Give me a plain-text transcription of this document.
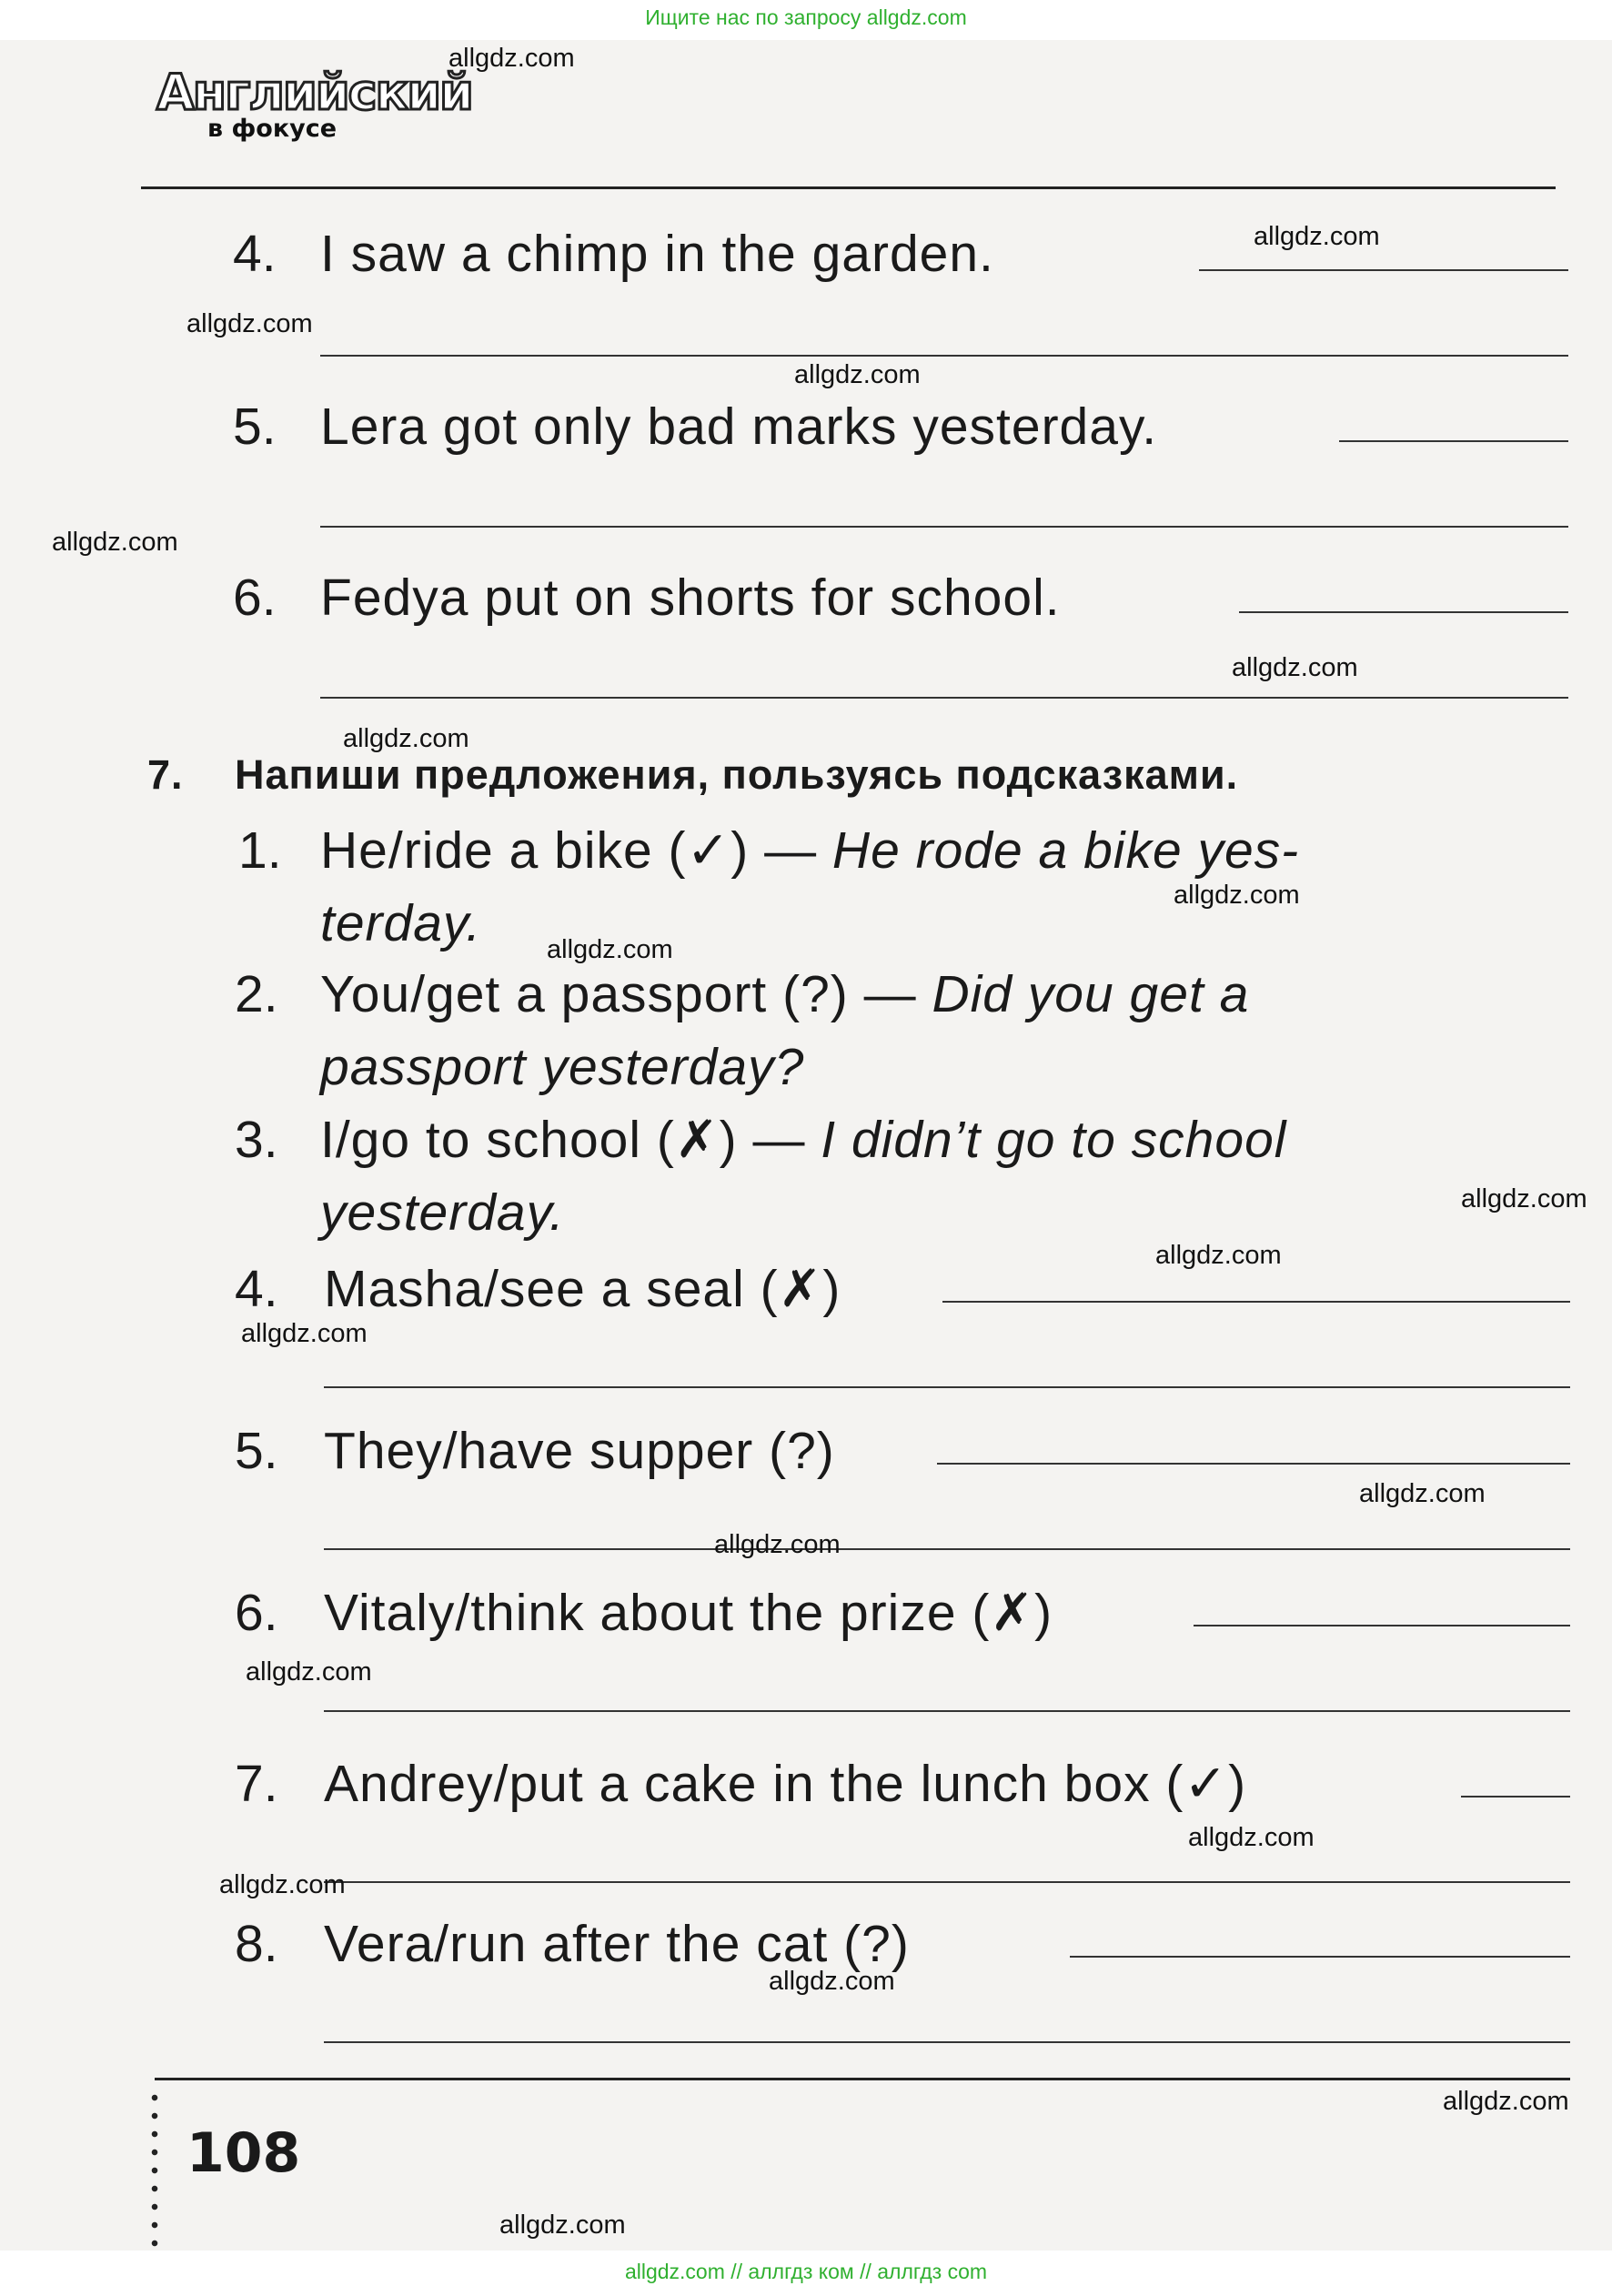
Ищите нас по запросу allgdz.com
Английский
в фокусе
4. I saw a chimp in the garden.
5. Lera got only bad marks yesterday.
6. Fedya put on shorts for school.
7. Напиши предложения, пользуясь подсказками.
1. He/ride a bike (✓) — He rode a bike yes-
terday.
2. You/get a passport (?) — Did you get a
passport yesterday?
3. I/go to school (✗) — I didn’t go to school
yesterday.
4. Masha/see a seal (✗)
5. They/have supper (?)
6. Vitaly/think about the prize (✗)
7. Andrey/put a cake in the lunch box (✓)
8. Vera/run after the cat (?)
108
allgdz.com
allgdz.com
allgdz.com
allgdz.com
allgdz.com
allgdz.com
allgdz.com
allgdz.com
allgdz.com
allgdz.com
allgdz.com
allgdz.com
allgdz.com
allgdz.com
allgdz.com
allgdz.com
allgdz.com
allgdz.com
allgdz.com
allgdz.com
allgdz.com // аллгдз ком // аллгдз com
